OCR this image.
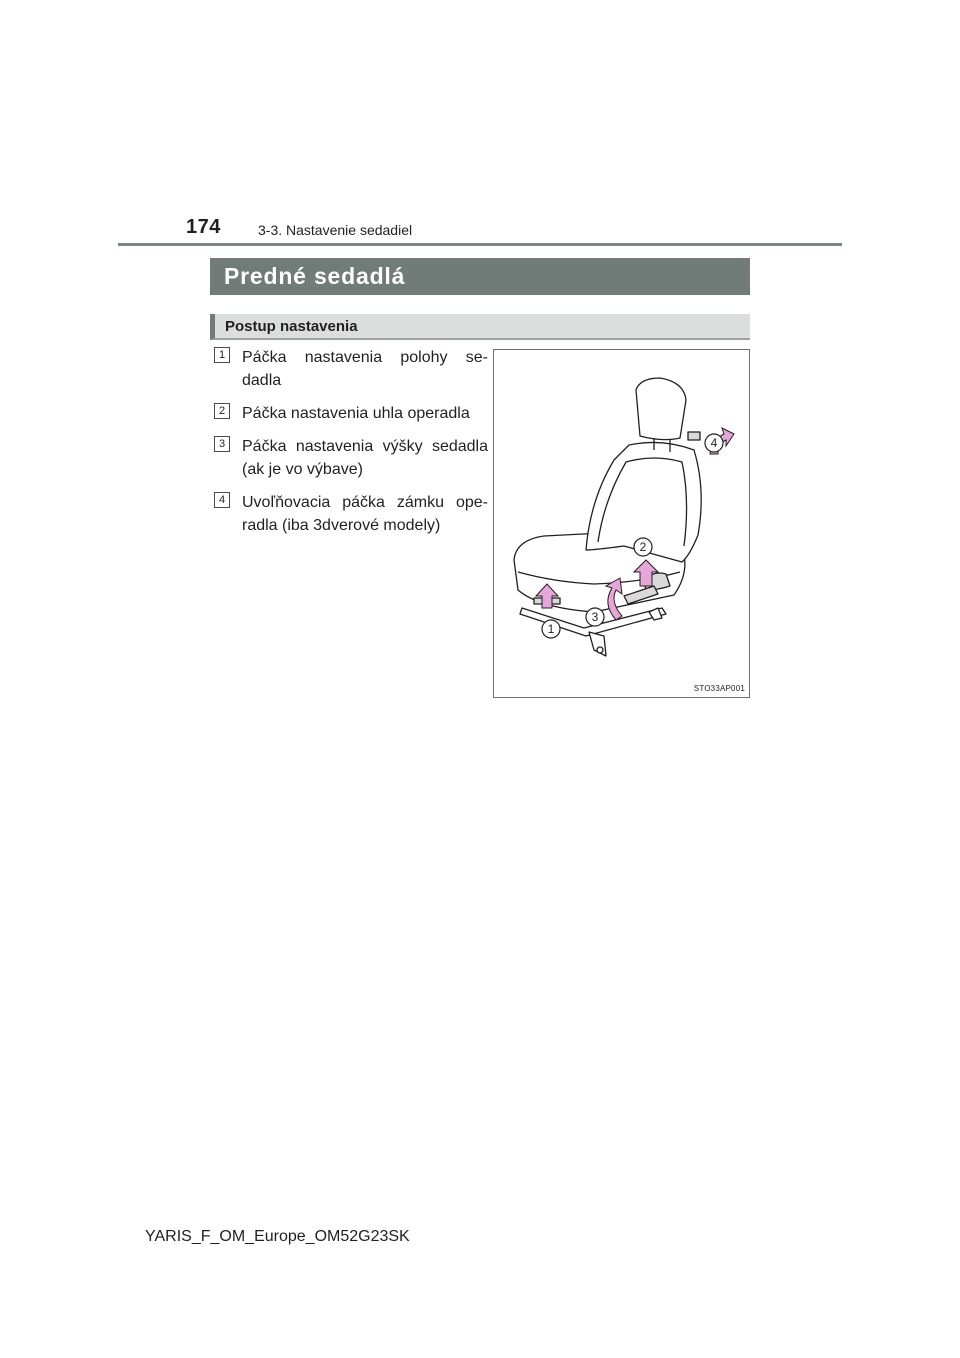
174	3-3. Nastavenie sedadiel
Predné sedadlá
Postup nastavenia
1	Páčka nastavenia polohy se- dadla
2	Páčka nastavenia uhla operadla
3	Páčka nastavenia výšky sedadla (ak je vo výbave)
4	Uvoľňovacia páčka zámku ope- radla (iba 3dverové modely)
1
2
3
4
STO33AP001
YARIS_F_OM_Europe_OM52G23SK
